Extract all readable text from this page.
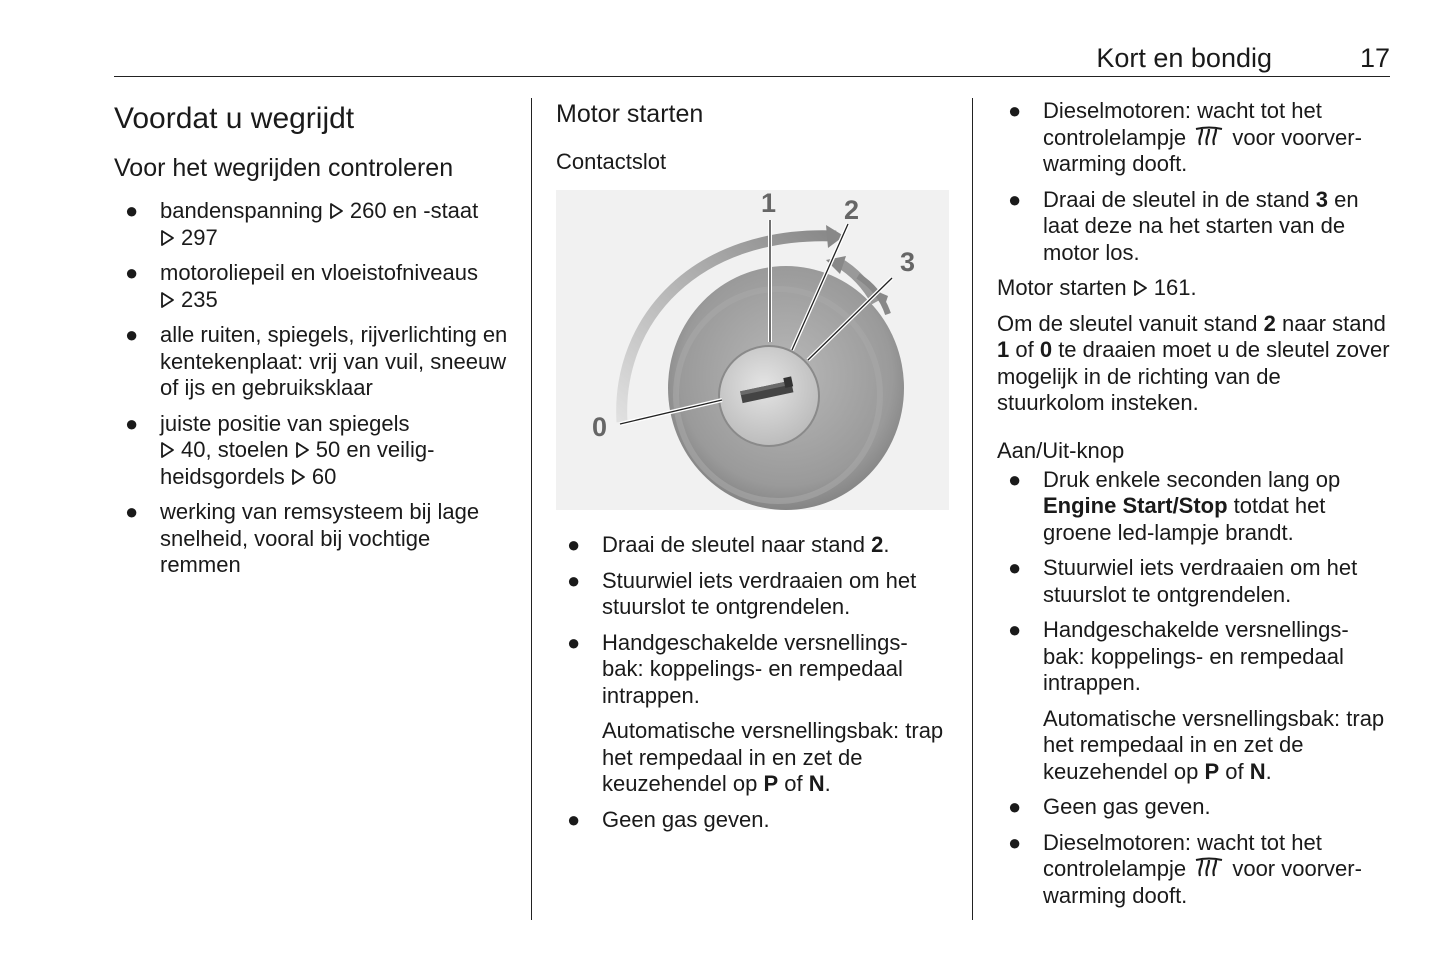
Kort en bondig	17
Voordat u wegrijdt
Voor het wegrijden controleren
● bandenspanning 260 en -staat
297
● motoroliepeil en vloeistofniveaus
235
● alle ruiten, spiegels, rijverlichting en kentekenplaat: vrij van vuil, sneeuw of ijs en gebruiksklaar
● juiste positie van spiegels
40, stoelen 50 en veilig-heidsgordels 60
● werking van remsysteem bij lage snelheid, vooral bij vochtige remmen
Motor starten
Contactslot
0
1	2
3
● Draai de sleutel naar stand 2.
● Stuurwiel iets verdraaien om het stuurslot te ontgrendelen.
● Handgeschakelde versnellings-bak: koppelings- en rempedaal intrappen.
Automatische versnellingsbak: trap het rempedaal in en zet de keuzehendel op P of N.
● Geen gas geven.
● Dieselmotoren: wacht tot het controlelampje voor voorver-warming dooft.
● Draai de sleutel in de stand 3 en laat deze na het starten van de motor los.

Motor starten 161.

Om de sleutel vanuit stand 2 naar stand 1 of 0 te draaien moet u de sleutel zover mogelijk in de richting van de stuurkolom insteken.

Aan/Uit-knop
● Druk enkele seconden lang op Engine Start/Stop totdat het groene led-lampje brandt.
● Stuurwiel iets verdraaien om het stuurslot te ontgrendelen.
● Handgeschakelde versnellings-bak: koppelings- en rempedaal intrappen.
Automatische versnellingsbak: trap het rempedaal in en zet de keuzehendel op P of N.
● Geen gas geven.
● Dieselmotoren: wacht tot het controlelampje voor voorver-warming dooft.
